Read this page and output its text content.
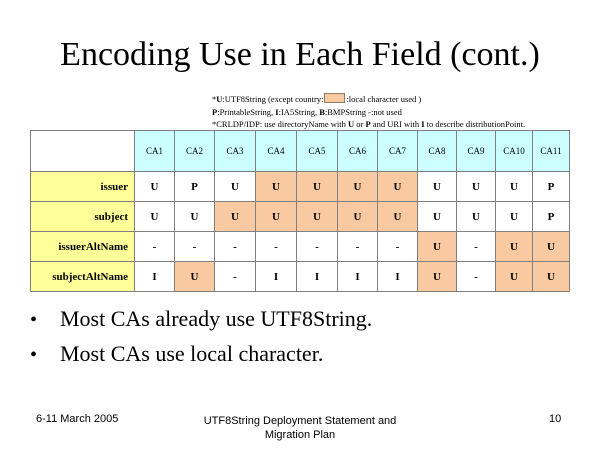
Encoding Use in Each Field (cont.)
*U:UTF8String (except country:	:local character used )
P:PrintableString, I:IA5String, B:BMPString -:not used
*CRLDP/IDP: use directoryName with U or P and URI with I to describe distributionPoint.
	CA1	CA2	CA3	CA4	CA5	CA6	CA7	CA8	CA9	CA10	CA11
issuer	U	P	U	U	U	U	U	U	U	U	P
subject	U	U	U	U	U	U	U	U	U	U	P
issuerAltName	-	-	-	-	-	-	-	U	-	U	U
subjectAltName	I	U	-	I	I	I	I	U	-	U	U
• Most CAs already use UTF8String.
• Most CAs use local character.
6-11 March 2005	UTF8String Deployment Statement and
Migration Plan
10
